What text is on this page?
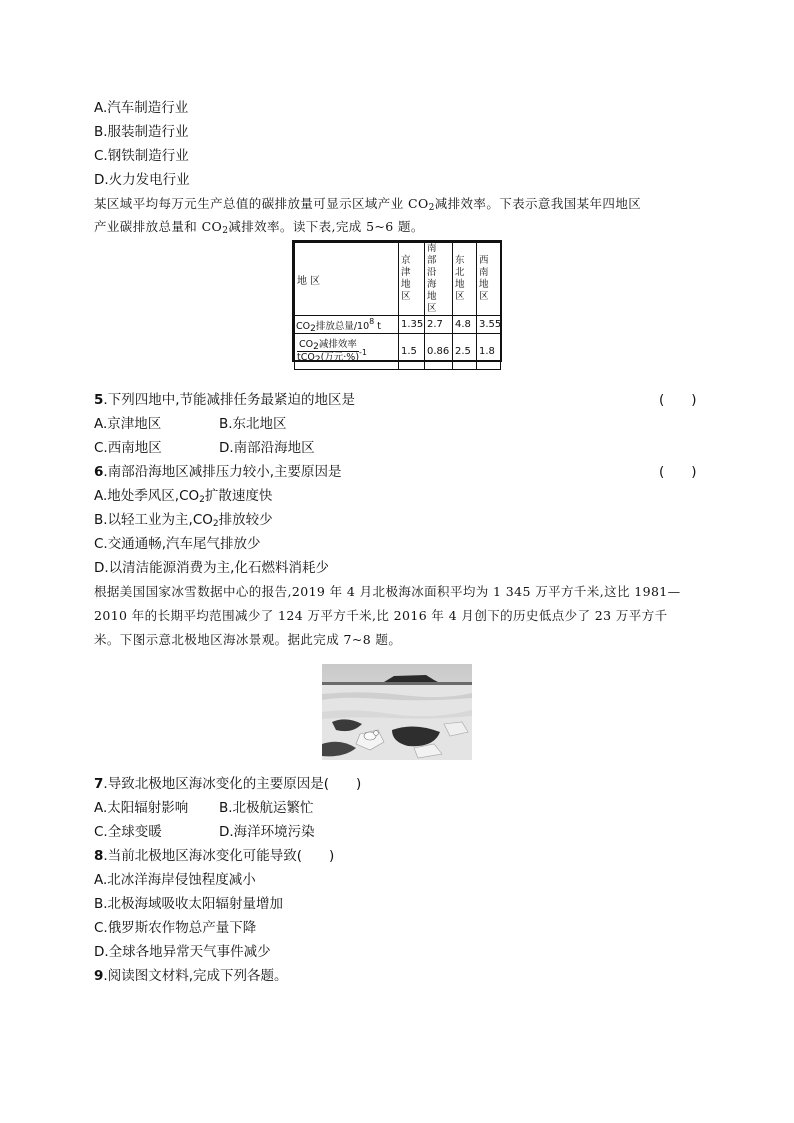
A.汽车制造行业
B.服装制造行业
C.钢铁制造行业
D.火力发电行业
某区域平均每万元生产总值的碳排放量可显示区域产业 $CO_2$减排效率。下表示意我国某年四地区
产业碳排放总量和 $CO_2$减排效率。读下表,完成 5~6 题。
地 区	京津地区	南部沿海地区	东北地区	西南地区

$CO_2$排放总量$/10^8$ t	1.35	2.7	4.8	3.55
$CO_2$减排效率
tCO$_2$(万元·%)$^{-1}$	1.5	0.86	2.5	1.8
5.下列四地中,节能减排任务最紧迫的地区是	(　　)
A.京津地区	B.东北地区
C.西南地区	D.南部沿海地区
6.南部沿海地区减排压力较小,主要原因是	(　　)
A.地处季风区$,CO_2$扩散速度快
B.以轻工业为主$,CO_2$排放较少
C.交通通畅,汽车尾气排放少
D.以清洁能源消费为主,化石燃料消耗少
根据美国国家冰雪数据中心的报告,2019 年 4 月北极海冰面积平均为 1 345 万平方千米,这比 1981—
2010 年的长期平均范围减少了 124 万平方千米,比 2016 年 4 月创下的历史低点少了 23 万平方千
米。下图示意北极地区海冰景观。据此完成 7~8 题。
7.导致北极地区海冰变化的主要原因是(　　)
A.太阳辐射影响 B.北极航运繁忙
C.全球变暖	D.海洋环境污染
8.当前北极地区海冰变化可能导致(　　)
A.北冰洋海岸侵蚀程度减小
B.北极海域吸收太阳辐射量增加
C.俄罗斯农作物总产量下降
D.全球各地异常天气事件减少
9.阅读图文材料,完成下列各题。
